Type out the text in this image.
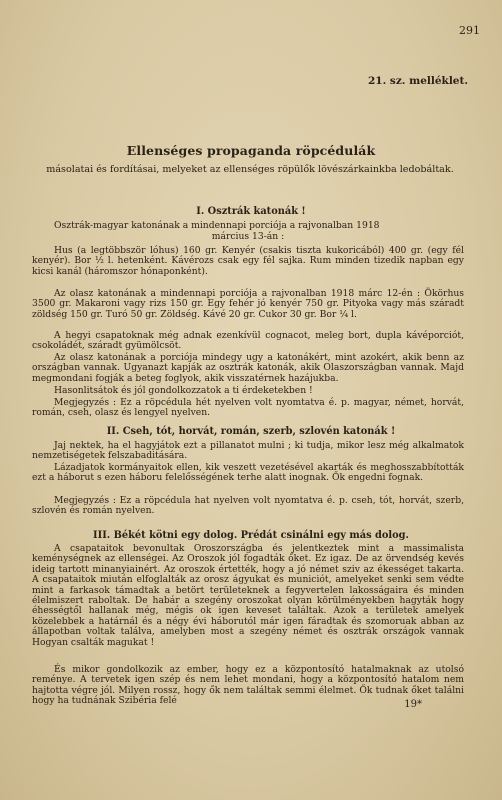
291
21. sz. melléklet.
Ellenséges propaganda röpcédulák
másolatai és fordításai, melyeket az ellenséges röpülők lövészárkainkba ledobáltak.
I. Osztrák katonák !
Osztrák-magyar katonának a mindennapi porciója a rajvonalban 1918
március 13-án :
Hus (a legtöbbször lóhus) 160 gr. Kenyér (csakis tiszta kukoricából) 400 gr. (egy fél kenyér). Bor ½ l. hetenként. Kávérozs csak egy fél sajka. Rum minden tizedik napban egy kicsi kanál (háromszor hónaponként).
Az olasz katonának a mindennapi porciója a rajvonalban 1918 márc 12-én : Ökörhus 3500 gr. Makaroni vagy rizs 150 gr. Egy fehér jó kenyér 750 gr. Pityoka vagy más száradt zöldség 150 gr. Turó 50 gr. Zöldség. Kávé 20 gr. Cukor 30 gr. Bor ¼ l.
A hegyi csapatoknak még adnak ezenkívül cognacot, meleg bort, dupla kávéporciót, csokoládét, száradt gyümölcsöt.
Az olasz katonának a porciója mindegy ugy a katonákért, mint azokért, akik benn az országban vannak. Ugyanazt kapják az osztrák katonák, akik Olaszországban vannak. Majd megmondani fogják a beteg foglyok, akik visszatérnek hazájukba.
Hasonlitsátok és jól gondolkozzatok a ti érdeketekben !
Megjegyzés : Ez a röpcédula hét nyelven volt nyomtatva é. p. magyar, német, horvát, román, cseh, olasz és lengyel nyelven.
II. Cseh, tót, horvát, román, szerb, szlovén katonák !
Jaj nektek, ha el hagyjátok ezt a pillanatot mulni ; ki tudja, mikor lesz még alkalmatok nemzetiségetek felszabaditására.
Lázadjatok kormányaitok ellen, kik veszett vezetésével akarták és meghosszabbították ezt a háborut s ezen háboru felelősségének terhe alatt inognak. Ők engedni fognak.
Megjegyzés : Ez a röpcédula hat nyelven volt nyomtatva é. p. cseh, tót, horvát, szerb, szlovén és román nyelven.
III. Békét kötni egy dolog. Prédát csinálni egy más dolog.
A csapataitok bevonultak Oroszországba és jelentkeztek mint a massimalista keménységnek az ellenségei. Az Oroszok jól fogadták őket. Ez igaz. De az örvendség kevés ideig tartott minanyiainért. Az oroszok értették, hogy a jó német sziv az ékességet takarta. A csapataitok miután elfoglalták az orosz ágyukat és municiót, amelyeket senki sem védte mint a farkasok támadtak a betört területeknek a fegyvertelen lakosságaira és minden élelmiszert raboltak. De habár a szegény oroszokat olyan körülményekben hagyták hogy éhességtől hallanak még, mégis ok igen keveset találtak. Azok a területek amelyek közelebbek a határnál és a négy évi háborutól már igen fáradtak és szomoruak abban az állapotban voltak találva, amelyben most a szegény német és osztrák országok vannak Hogyan csalták magukat !
És mikor gondolkozik az ember, hogy ez a központosító hatalmaknak az utolsó reménye. A tervetek igen szép és nem lehet mondani, hogy a központosító hatalom nem hajtotta végre jól. Milyen rossz, hogy ők nem találtak semmi élelmet. Ők tudnak őket találni hogy ha tudnának Szibéria felé	19*
